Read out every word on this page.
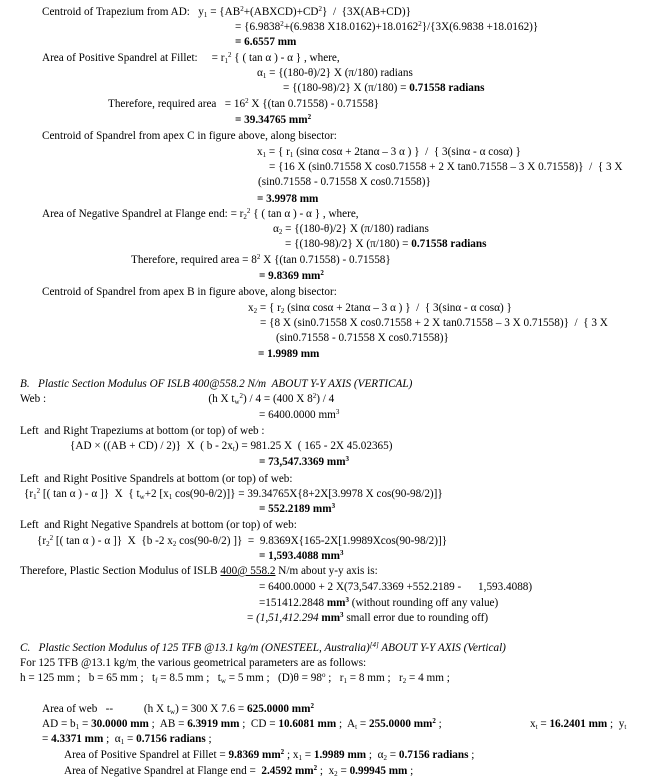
Centroid of Trapezium from AD:   $y_1$ = $\{AB^2+(ABXCD)+CD^2\} / \{3X(AB+CD)\}$
= {$6.9838^2+(6.9838$ $X18.0162)+18.0162^2\}/\{3X(6.9838 +18.0162)\}$
= 6.6557 mm
Area of Positive Spandrel at Fillet:     = $r_1^2$ { ( tan α ) - α } , where,
$\alpha_1 = \{(180-\theta)/2\}$ X (π/180) radians
= {(180-98)/2} X (π/180) = 0.71558 radians
Therefore, required area   = $16^2$ X {(tan 0.71558) - 0.71558}
= 39.34765 $mm^2$
Centroid of Spandrel from apex C in figure above, along bisector:
$x_1$ = { $r_1$ (sinα cosα + 2tanα – 3 α ) }  /  { 3(sinα - α cosα) }
= {16 X (sin0.71558 X cos0.71558 + 2 X tan0.71558 – 3 X 0.71558)}  /  { 3 X
(sin0.71558 - 0.71558 X cos0.71558)}
= 3.9978 mm
Area of Negative Spandrel at Flange end: = $r_2^2$ { ( tan α ) - α } , where,
$\alpha_2 = \{(180-\theta)/2\}$ X (π/180) radians
= {(180-98)/2} X (π/180) = 0.71558 radians
Therefore, required area = $8^2$ X {(tan 0.71558) - 0.71558}
= 9.8369 $mm^2$
Centroid of Spandrel from apex B in figure above, along bisector:
$x_2$ = { $r_2$ (sinα cosα + 2tanα – 3 α ) }  /  { 3(sinα - α cosα) }
= {8 X (sin0.71558 X cos0.71558 + 2 X tan0.71558 – 3 X 0.71558)}  /  { 3 X
(sin0.71558 - 0.71558 X cos0.71558)}
= 1.9989 mm
B.   Plastic Section Modulus OF ISLB 400@558.2 N/m  ABOUT Y-Y AXIS (VERTICAL)
Web :                                                          (h X $t_w^2) / 4 = (400$ X $8^2) / 4$
= 6400.0000 $mm^3$
Left  and Right Trapeziums at bottom (or top) of web :
{AD × ((AB + CD) / 2)}  X  ( $b - 2x_t) = 981.25$ X  ( 165 - 2X 45.02365)
= 73,547.3369 $mm^3$
Left  and Right Positive Spandrels at bottom (or top) of web:
{$r_1^2$ [( tan α ) - α ]}  X  { $t_w+2$ [$x_1$ cos(90-θ/2)]} = 39.34765X{8+2X[3.9978 X cos(90-98/2)]}
= 552.2189 $mm^3$
Left  and Right Negative Spandrels at bottom (or top) of web:
{$r_2^2$ [( tan α ) - α ]}  X  {b -2 $x_2$ cos(90-θ/2) ]}  =  9.8369X{165-2X[1.9989Xcos(90-98/2)]}
= 1,593.4088 $mm^3$
Therefore, Plastic Section Modulus of ISLB 400@ 558.2 N/m about y-y axis is:
= 6400.0000 + 2 X(73,547.3369 +552.2189 -      1,593.4088)
=151412.2848 $mm^3$ (without rounding off any value)
= (1,51,412.294 $mm^3$ small error due to rounding off)
C.   Plastic Section Modulus of 125 TFB @13.1 kg/m (ONESTEEL, Australia)[4] ABOUT Y-Y AXIS (Vertical)
For 125 TFB @13.1 $kg/m_,$ the various geometrical parameters are as follows:
h = 125 mm ;   b = 65 mm ;   $t_f = 8.5$ mm ;   $t_w = 5$ mm ;   $(D)\theta = 98^o$ ;   $r_1 = 8$ mm ;   $r_2 = 4$ mm ;
Area of web   --           (h X $t_w) = 300$ X 7.6 = 625.0000 $mm^2$
AD = $b_1 = 30.0000$ mm ;  AB = 6.3919 mm ;  CD = 10.6081 mm ;  $A_t = 255.0000$ $mm^2$ ;	$x_t = 16.2401$ mm ;  $y_t$
= 4.3371 mm ;  $\alpha_1 = 0.7156$ radians ;
Area of Positive Spandrel at Fillet = 9.8369 $mm^2$ ; $x_1 = 1.9989$ mm ;  $\alpha_2 = 0.7156$ radians ;
Area of Negative Spandrel at Flange end =  2.4592 $mm^2$ ;  $x_2 = 0.99945$ mm ;
